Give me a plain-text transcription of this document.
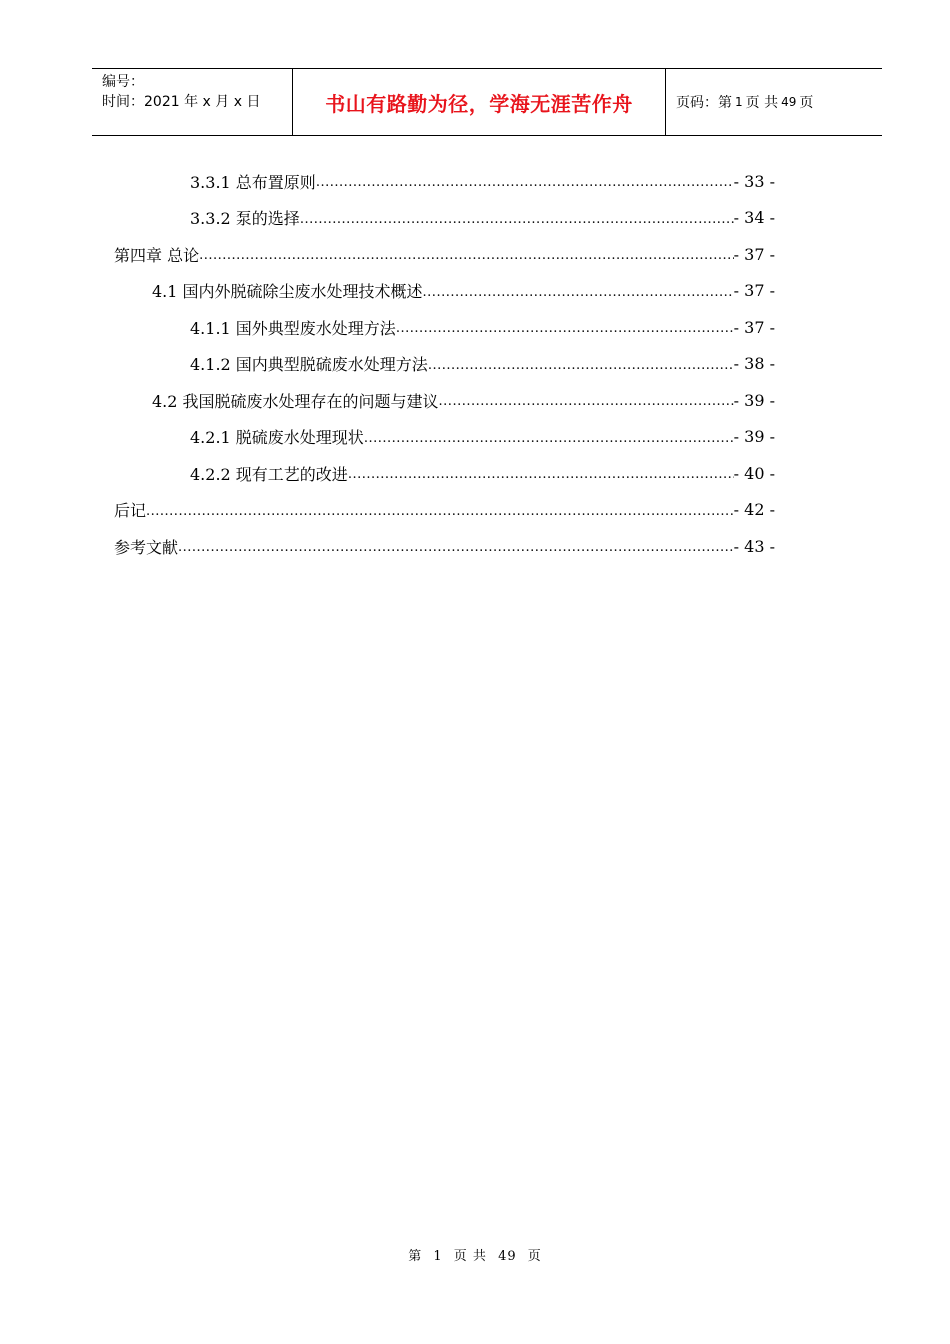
编号：
时间：2021 年 x 月 x 日	书山有路勤为径，学海无涯苦作舟	页码：第 1 页 共 49 页
3.3.1 总布置原则 .....	- 33 -
3.3.2 泵的选择 .....	- 34 -
第四章 总论 .....	- 37 -
4.1 国内外脱硫除尘废水处理技术概述 .....	- 37 -
4.1.1 国外典型废水处理方法 .....	- 37 -
4.1.2 国内典型脱硫废水处理方法 .....	- 38 -
4.2 我国脱硫废水处理存在的问题与建议 .....	- 39 -
4.2.1 脱硫废水处理现状 .....	- 39 -
4.2.2 现有工艺的改进 .....	- 40 -
后记 .....	- 42 -
参考文献 .....	- 43 -
第 1 页 共 49 页
